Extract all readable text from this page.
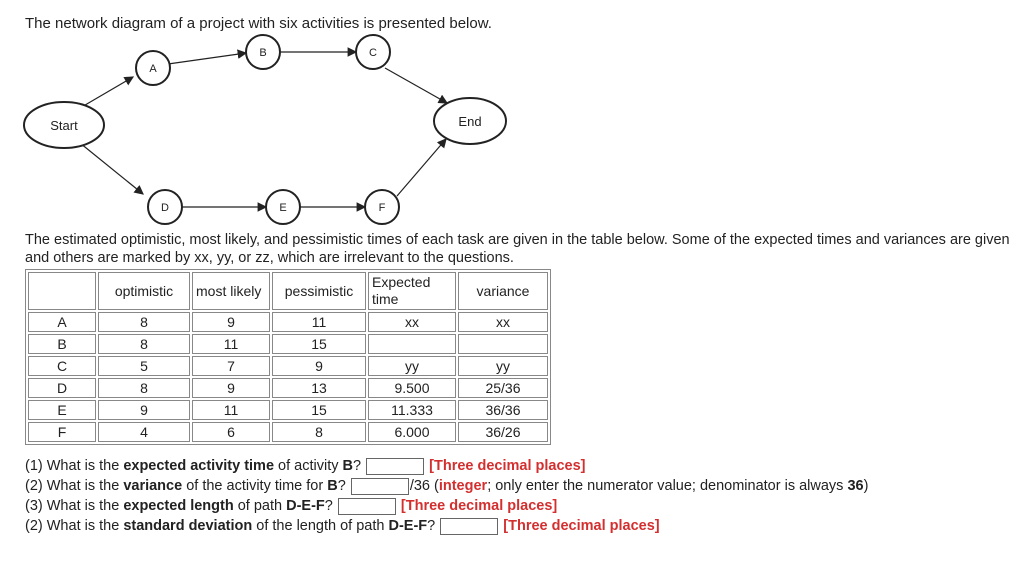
The network diagram of a project with six activities is presented below.
Start
A
B	C
End
D	E	F
The estimated optimistic, most likely, and pessimistic times of each task are given in the table below. Some of the expected times and variances are given and others are marked by xx, yy, or zz, which are irrelevant to the questions.
	optimistic	most likely	pessimistic	Expected time	variance
A	8	9	11	xx	xx
B	8	11	15		
C	5	7	9	yy	yy
D	8	9	13	9.500	25/36
E	9	11	15	11.333	36/36
F	4	6	8	6.000	36/26
(1) What is the expected activity time of activity B?	[Three decimal places]
(2) What is the variance of the activity time for B?	/36 (integer; only enter the numerator value; denominator is always 36)
(3) What is the expected length of path D-E-F?	[Three decimal places]
(2) What is the standard deviation of the length of path D-E-F?	[Three decimal places]
